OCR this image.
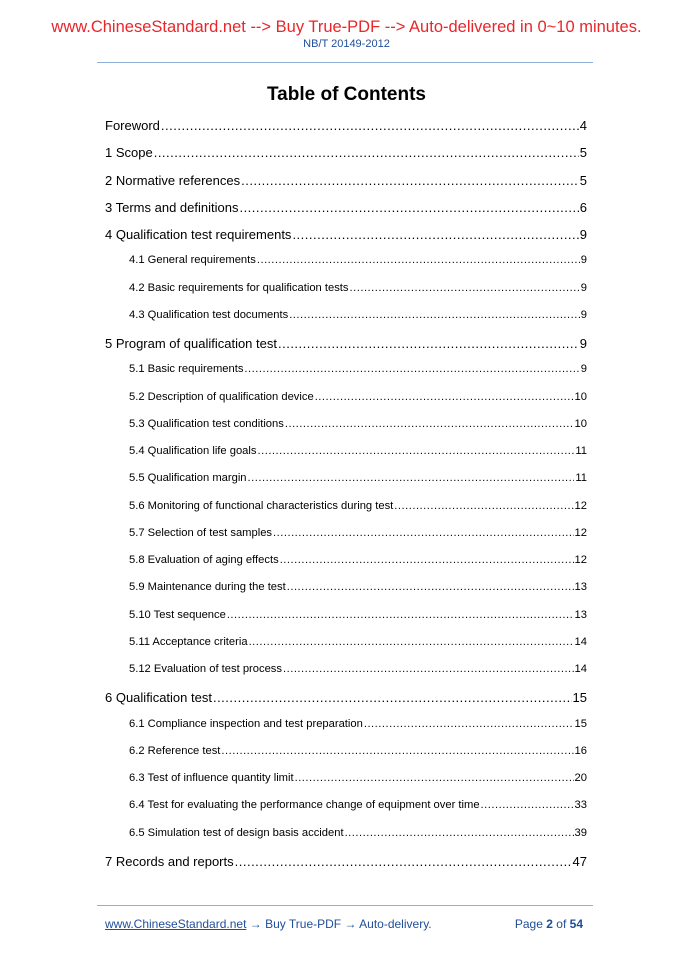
www.ChineseStandard.net --> Buy True-PDF --> Auto-delivered in 0~10 minutes.
NB/T 20149-2012
Table of Contents
Foreword .....	4
1 Scope .....	5
2 Normative references .....	5
3 Terms and definitions .....	6
4 Qualification test requirements .....	9
4.1 General requirements .....	9
4.2 Basic requirements for qualification tests .....	9
4.3 Qualification test documents .....	9
5 Program of qualification test .....	9
5.1 Basic requirements .....	9
5.2 Description of qualification device .....	10
5.3 Qualification test conditions .....	10
5.4 Qualification life goals .....	11
5.5 Qualification margin .....	11
5.6 Monitoring of functional characteristics during test .....	12
5.7 Selection of test samples .....	12
5.8 Evaluation of aging effects .....	12
5.9 Maintenance during the test .....	13
5.10 Test sequence .....	13
5.11 Acceptance criteria .....	14
5.12 Evaluation of test process .....	14
6 Qualification test .....	15
6.1 Compliance inspection and test preparation .....	15
6.2 Reference test .....	16
6.3 Test of influence quantity limit .....	20
6.4 Test for evaluating the performance change of equipment over time .....	33
6.5 Simulation test of design basis accident .....	39
7 Records and reports .....	47
www.ChineseStandard.net → Buy True-PDF → Auto-delivery.	Page 2 of 54
